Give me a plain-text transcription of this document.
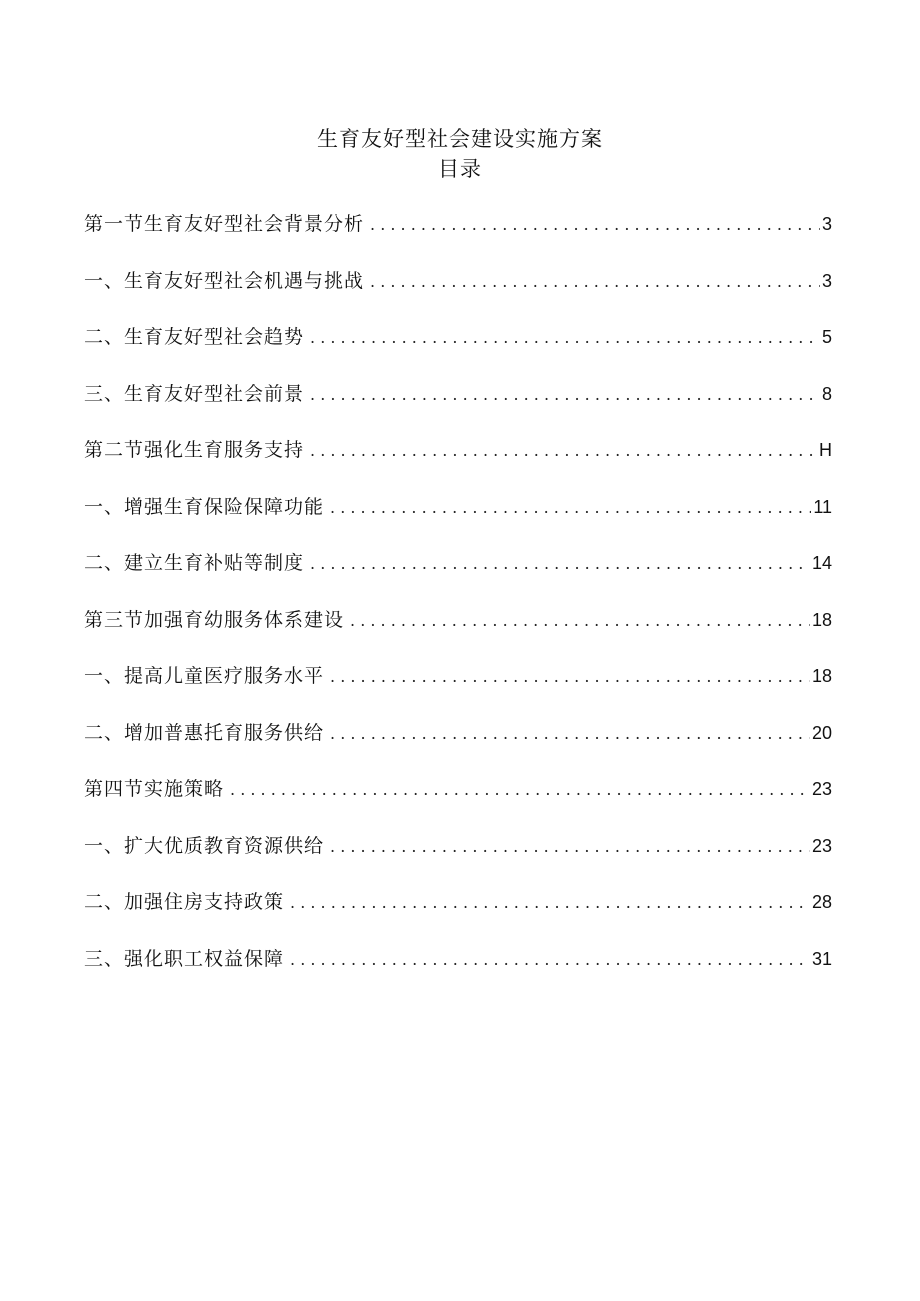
生育友好型社会建设实施方案
目录
第一节生育友好型社会背景分析 . . .	3
一、生育友好型社会机遇与挑战 . . .	3
二、生育友好型社会趋势 . . .	5
三、生育友好型社会前景 . . .	8
第二节强化生育服务支持 . . .	H
一、增强生育保险保障功能 . . .	11
二、建立生育补贴等制度 . . .	14
第三节加强育幼服务体系建设 . . .	18
一、提高儿童医疗服务水平 . . .	18
二、增加普惠托育服务供给 . . .	20
第四节实施策略 . . .	23
一、扩大优质教育资源供给 . . .	23
二、加强住房支持政策 . . .	28
三、强化职工权益保障 . . .	31
